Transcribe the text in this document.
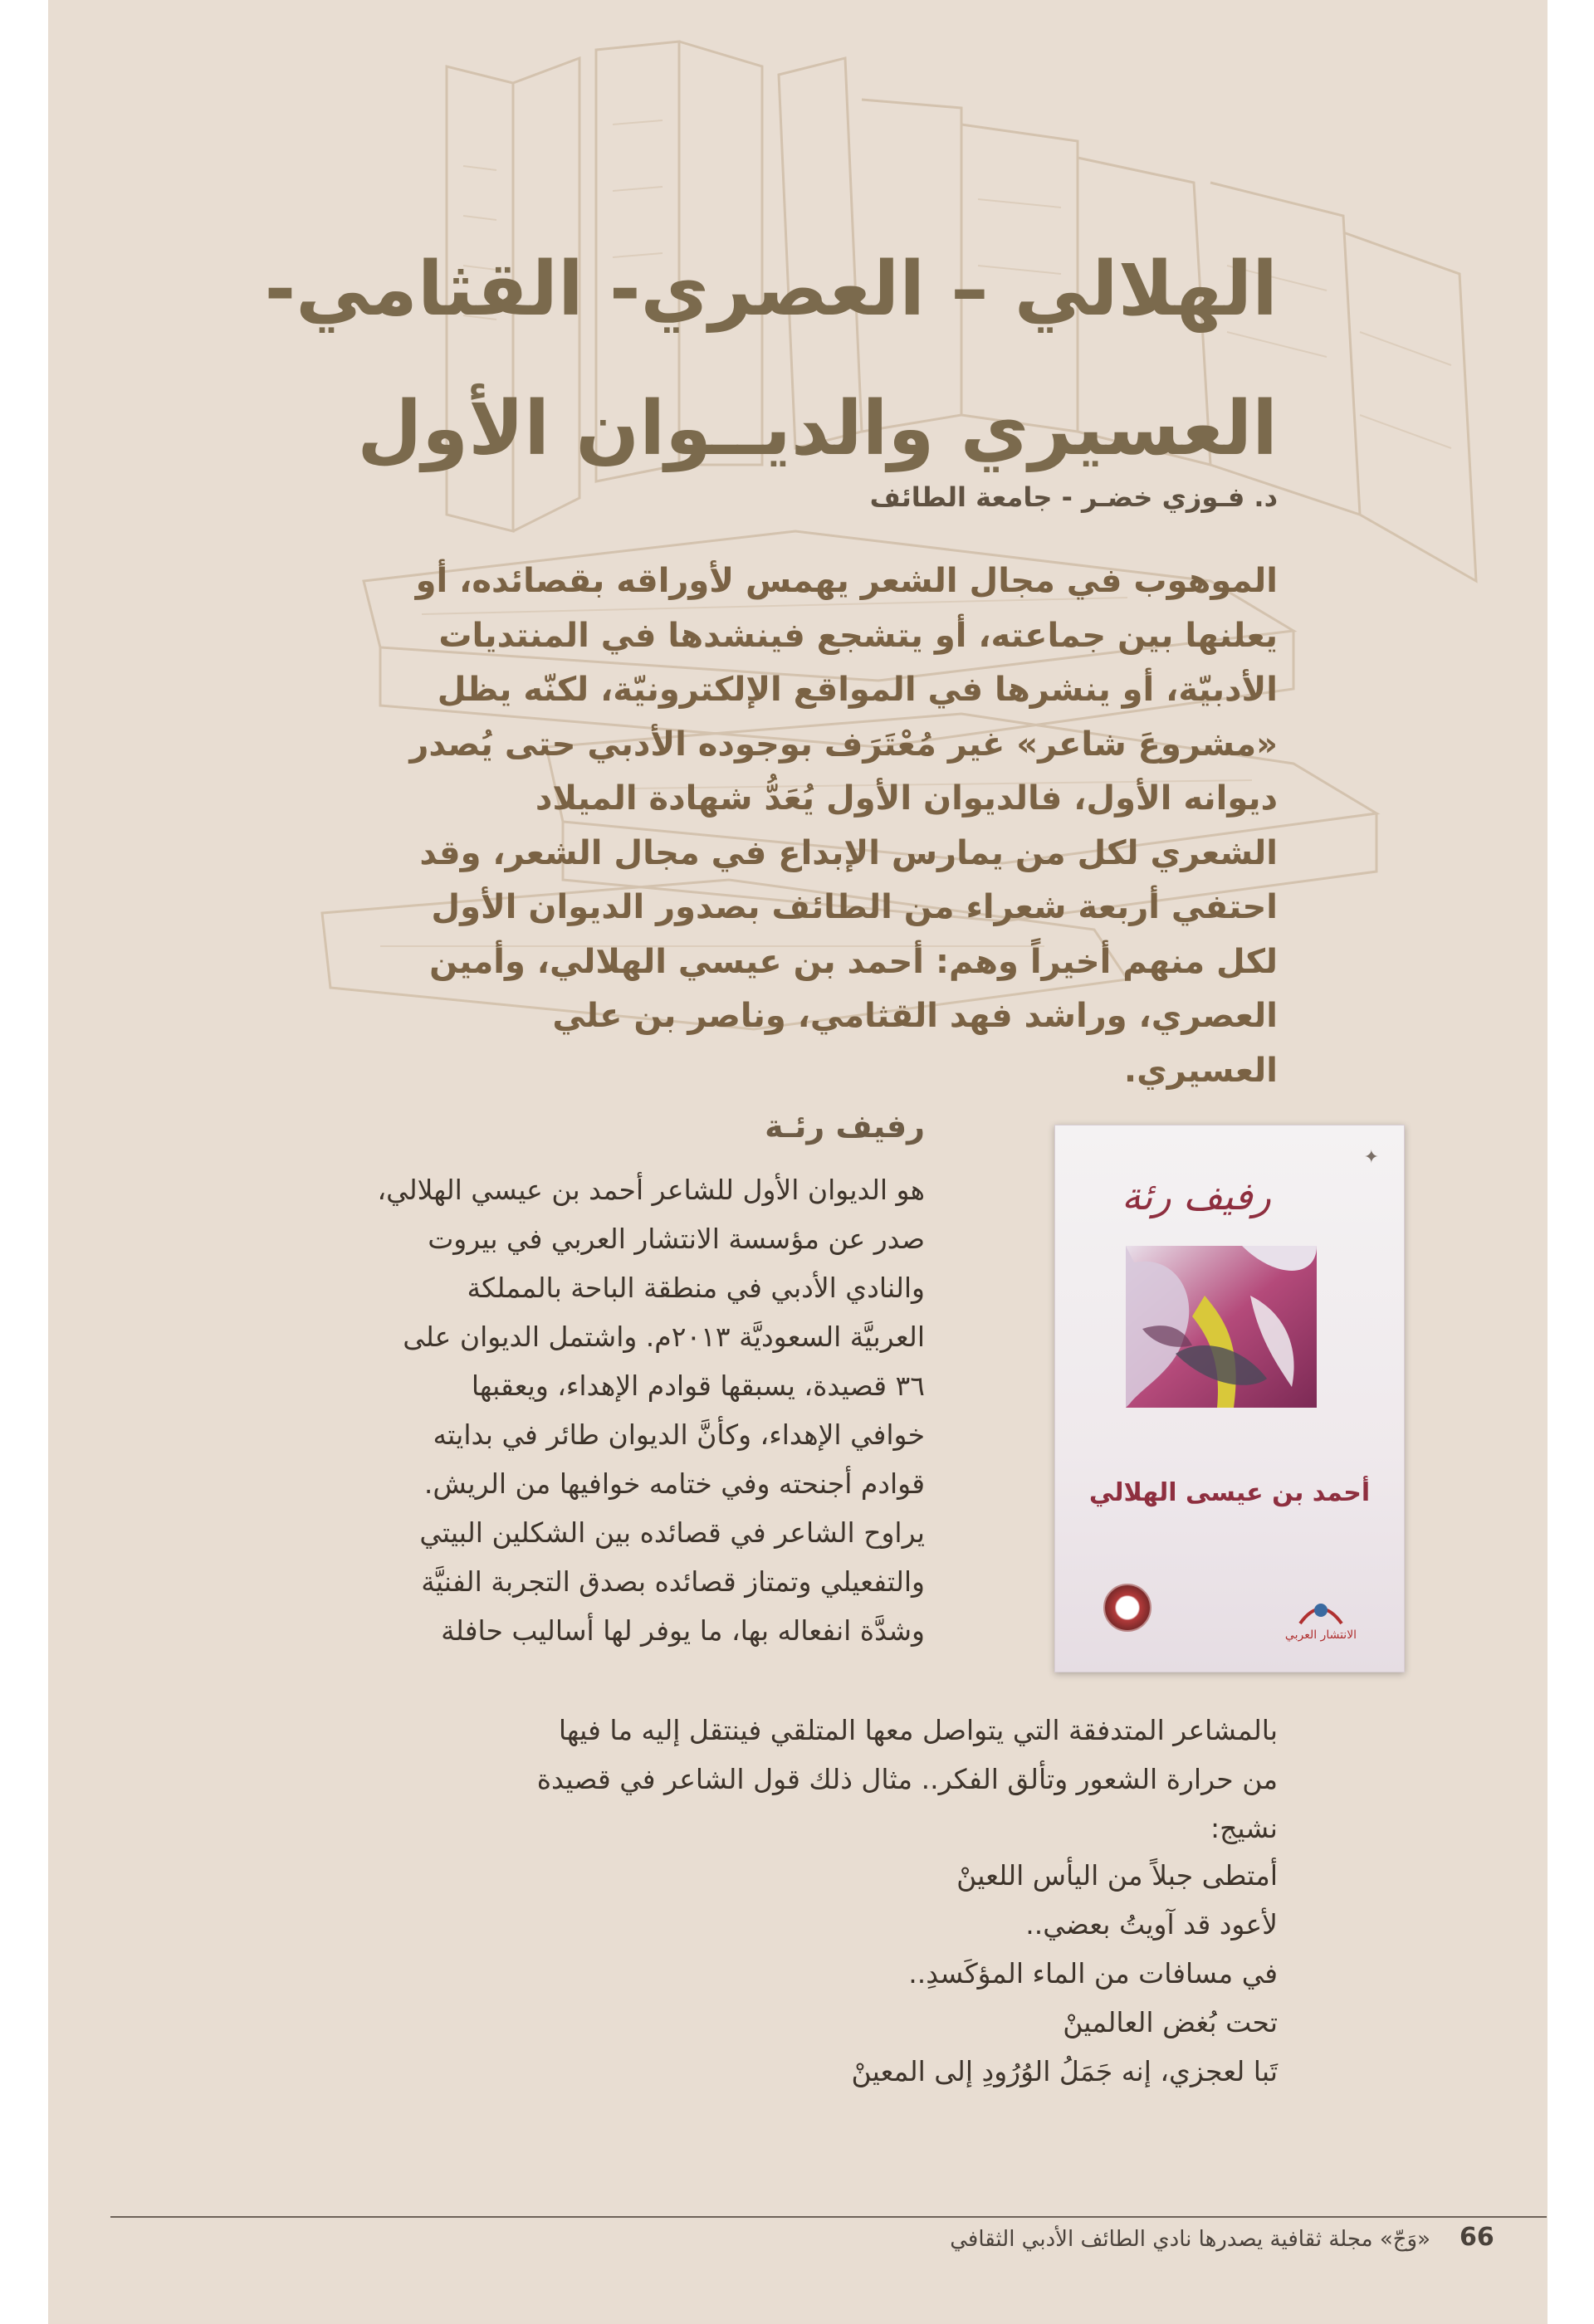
الهلالي – العصري- القثامي- العسيري والديــوان الأول
د. فـوزي خضـر - جامعة الطائف
الموهوب في مجال الشعر يهمس لأوراقه بقصائده، أو
يعلنها بين جماعته، أو يتشجع فينشدها في المنتديات
الأدبيّة، أو ينشرها في المواقع الإلكترونيّة، لكنّه يظل
«مشروعَ شاعر» غير مُعْتَرَف بوجوده الأدبي حتى يُصدر
ديوانه الأول، فالديوان الأول يُعَدُّ شهادة الميلاد
الشعري لكل من يمارس الإبداع في مجال الشعر، وقد
احتفي أربعة شعراء من الطائف بصدور الديوان الأول
لكل منهم أخيراً وهم: أحمد بن عيسي الهلالي، وأمين
العصري، وراشد فهد القثامي، وناصر بن علي العسيري.
رفيف رئـة
هو الديوان الأول للشاعر أحمد بن عيسي الهلالي،
صدر عن مؤسسة الانتشار العربي في بيروت
والنادي الأدبي في منطقة الباحة بالمملكة
العربيَّة السعوديَّة ٢٠١٣م. واشتمل الديوان على
٣٦ قصيدة، يسبقها قوادم الإهداء، ويعقبها
خوافي الإهداء، وكأنَّ الديوان طائر في بدايته
قوادم أجنحته وفي ختامه خوافيها من الريش.
يراوح الشاعر في قصائده بين الشكلين البيتي
والتفعيلي وتمتاز قصائده بصدق التجربة الفنيَّة
وشدَّة انفعاله بها، ما يوفر لها أساليب حافلة
بالمشاعر المتدفقة التي يتواصل معها المتلقي فينتقل إليه ما فيها
من حرارة الشعور وتألق الفكر.. مثال ذلك قول الشاعر في قصيدة
نشيج:
أمتطى جبلاً من اليأس اللعينْ
لأعود قد آويتُ بعضي..
في مسافات من الماء المؤكَسدِ..
تحت بُغض العالمينْ
تَبا لعجزي، إنه جَمَلُ الوُرُودِ إلى المعينْ
✦
رفيف رئة
أحمد بن عيسى الهلالي
الانتشار العربي
«وَجّ» مجلة ثقافية يصدرها نادي الطائف الأدبي الثقافي 66
